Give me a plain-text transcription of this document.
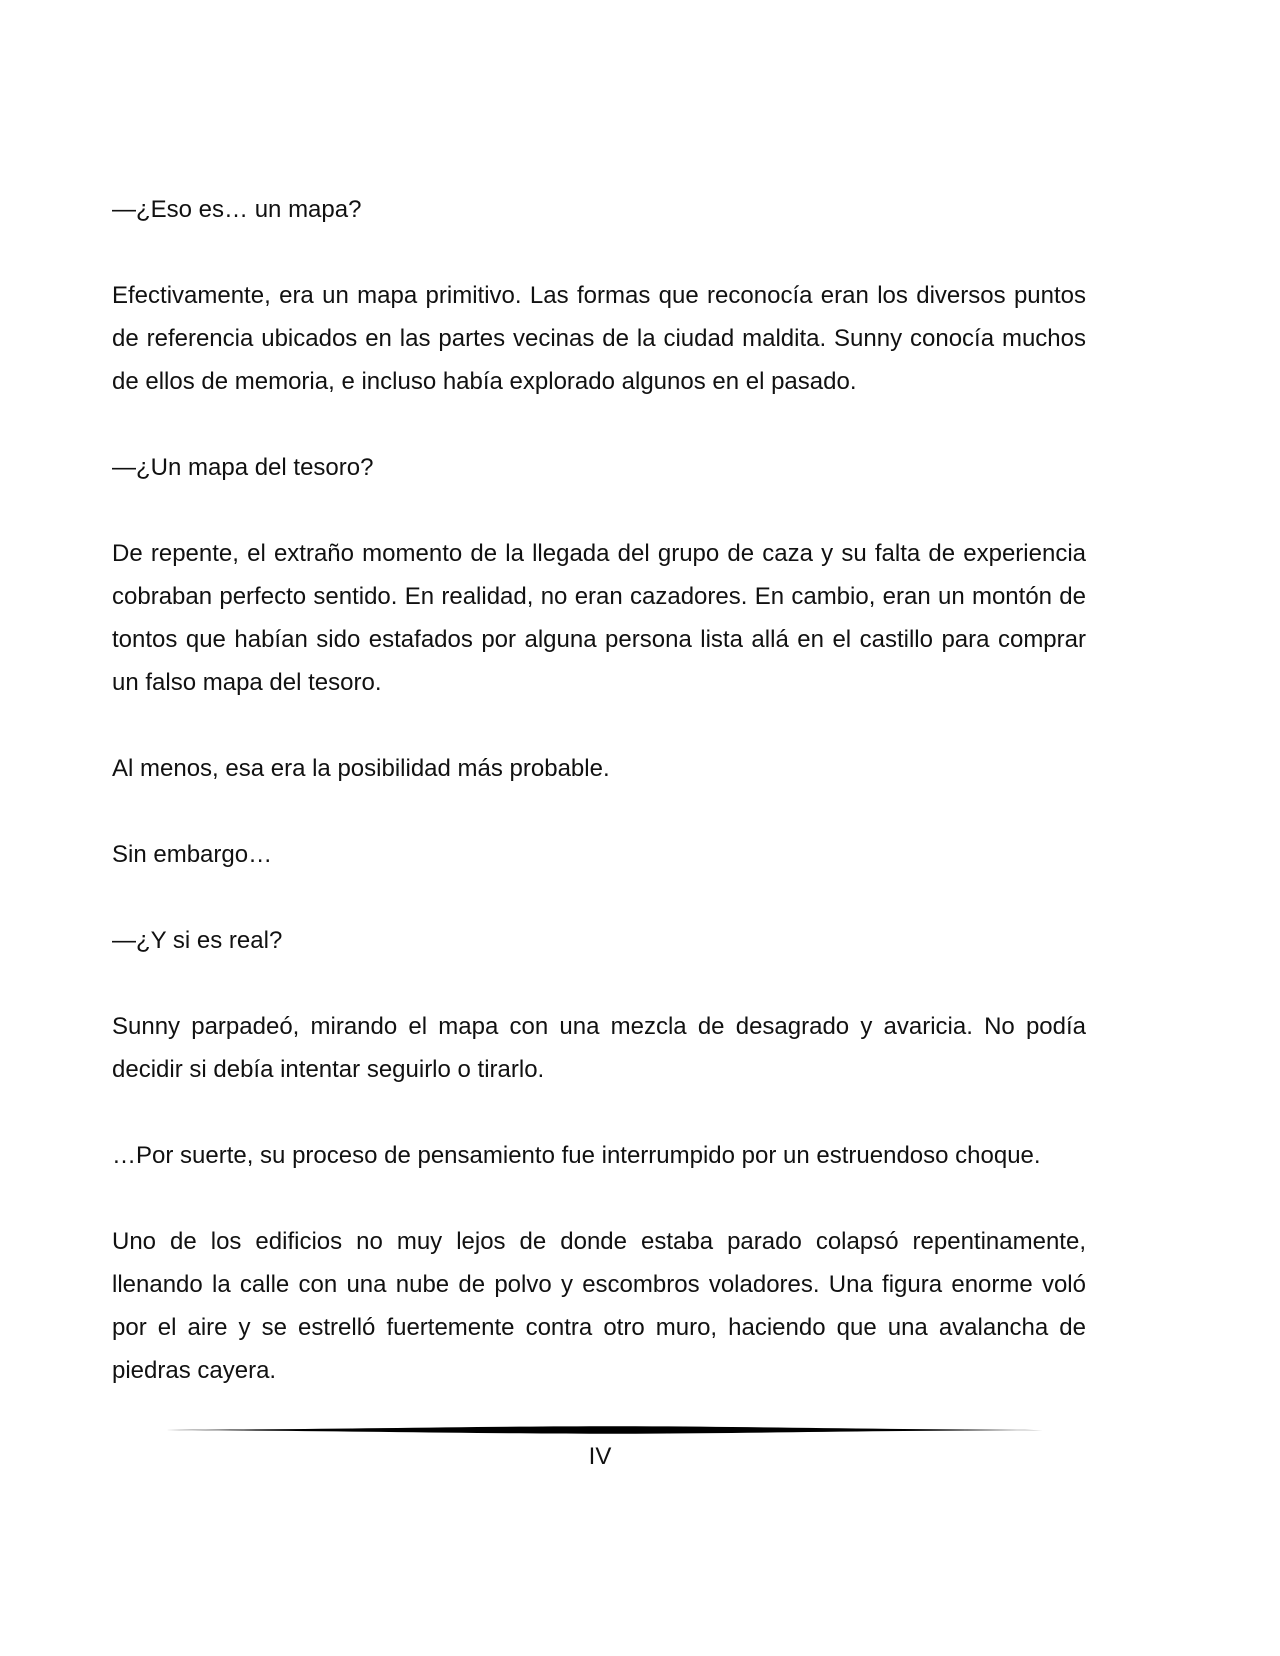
—¿Eso es… un mapa?

Efectivamente, era un mapa primitivo. Las formas que reconocía eran los diversos puntos de referencia ubicados en las partes vecinas de la ciudad maldita. Sunny conocía muchos de ellos de memoria, e incluso había explorado algunos en el pasado.

—¿Un mapa del tesoro?

De repente, el extraño momento de la llegada del grupo de caza y su falta de experiencia cobraban perfecto sentido. En realidad, no eran cazadores. En cambio, eran un montón de tontos que habían sido estafados por alguna persona lista allá en el castillo para comprar un falso mapa del tesoro.

Al menos, esa era la posibilidad más probable.

Sin embargo…

—¿Y si es real?

Sunny parpadeó, mirando el mapa con una mezcla de desagrado y avaricia. No podía decidir si debía intentar seguirlo o tirarlo.

…Por suerte, su proceso de pensamiento fue interrumpido por un estruendoso choque.

Uno de los edificios no muy lejos de donde estaba parado colapsó repentinamente, llenando la calle con una nube de polvo y escombros voladores. Una figura enorme voló por el aire y se estrelló fuertemente contra otro muro, haciendo que una avalancha de piedras cayera.

IV
